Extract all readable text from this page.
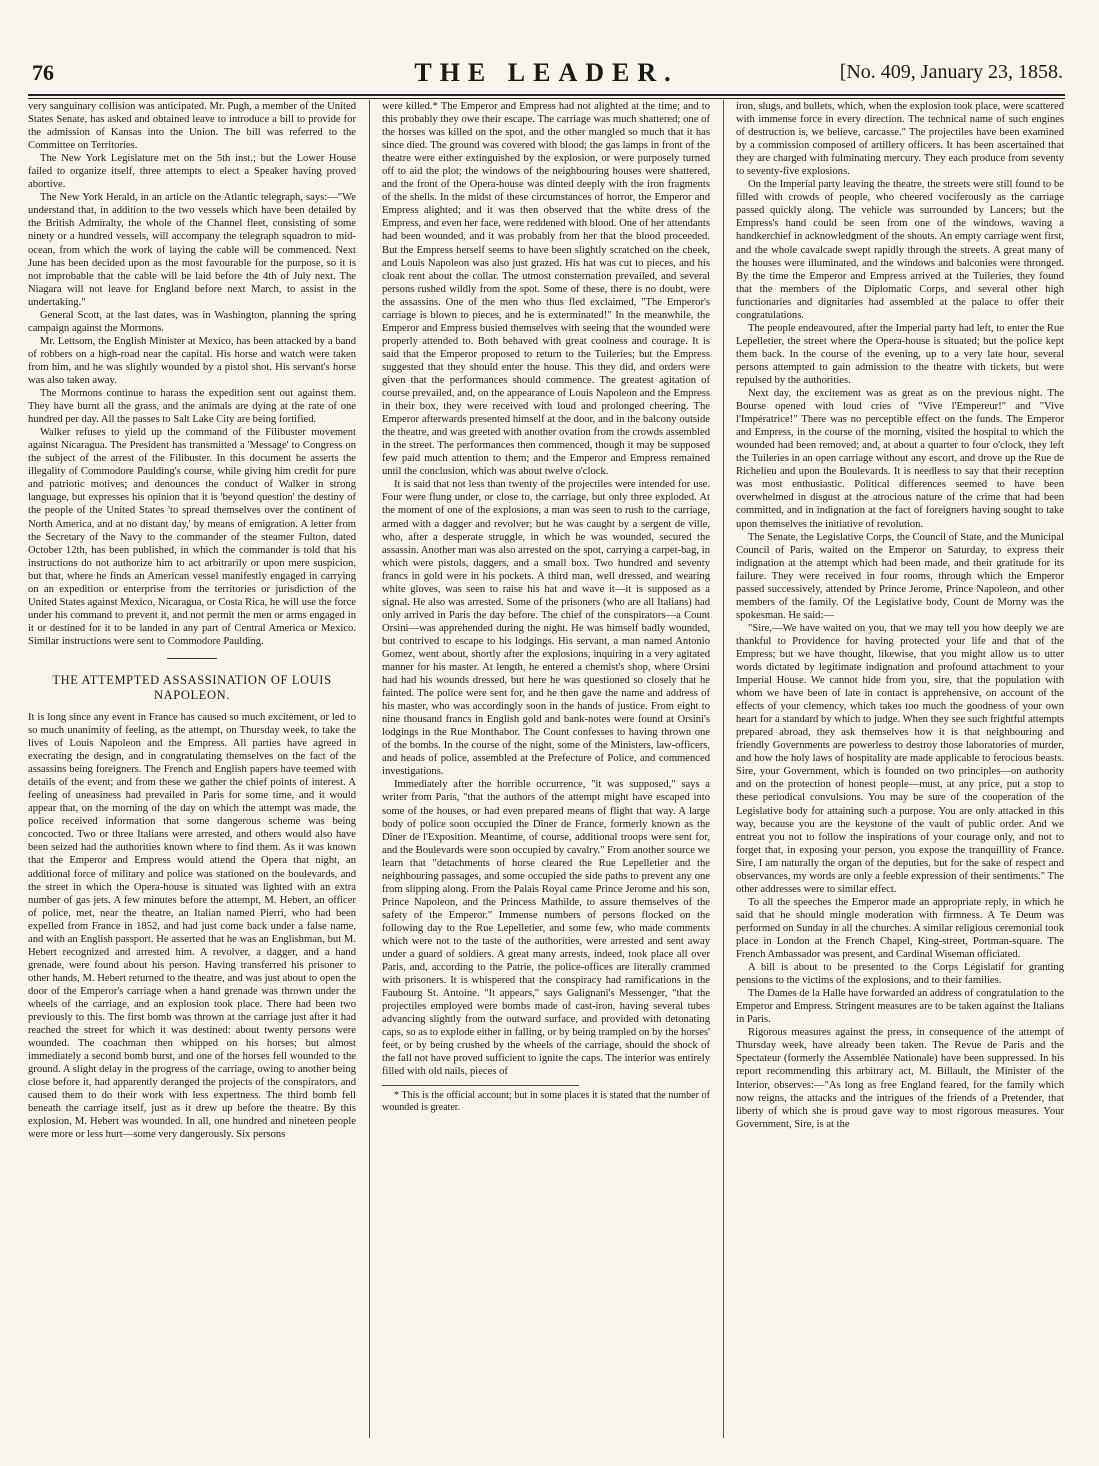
76	THE LEADER.	[No. 409, January 23, 1858.

very sanguinary collision was anticipated. Mr. Pugh, a member of the United States Senate, has asked and obtained leave to introduce a bill to provide for the admission of Kansas into the Union. The bill was referred to the Committee on Territories.

The New York Legislature met on the 5th inst.; but the Lower House failed to organize itself, three attempts to elect a Speaker having proved abortive.

The New York Herald, in an article on the Atlantic telegraph, says:—"We understand that, in addition to the two vessels which have been detailed by the British Admiralty, the whole of the Channel fleet, consisting of some ninety or a hundred vessels, will accompany the telegraph squadron to mid-ocean, from which the work of laying the cable will be commenced. Next June has been decided upon as the most favourable for the purpose, so it is not improbable that the cable will be laid before the 4th of July next. The Niagara will not leave for England before next March, to assist in the undertaking."

General Scott, at the last dates, was in Washington, planning the spring campaign against the Mormons.

Mr. Lettsom, the English Minister at Mexico, has been attacked by a band of robbers on a high-road near the capital. His horse and watch were taken from him, and he was slightly wounded by a pistol shot. His servant's horse was also taken away.

The Mormons continue to harass the expedition sent out against them. They have burnt all the grass, and the animals are dying at the rate of one hundred per day. All the passes to Salt Lake City are being fortified.

Walker refuses to yield up the command of the Filibuster movement against Nicaragua. The President has transmitted a 'Message' to Congress on the subject of the arrest of the Filibuster. In this document he asserts the illegality of Commodore Paulding's course, while giving him credit for pure and patriotic motives; and denounces the conduct of Walker in strong language, but expresses his opinion that it is 'beyond question' the destiny of the people of the United States 'to spread themselves over the continent of North America, and at no distant day,' by means of emigration. A letter from the Secretary of the Navy to the commander of the steamer Fulton, dated October 12th, has been published, in which the commander is told that his instructions do not authorize him to act arbitrarily or upon mere suspicion, but that, where he finds an American vessel manifestly engaged in carrying on an expedition or enterprise from the territories or jurisdiction of the United States against Mexico, Nicaragua, or Costa Rica, he will use the force under his command to prevent it, and not permit the men or arms engaged in it or destined for it to be landed in any part of Central America or Mexico. Similar instructions were sent to Commodore Paulding.

THE ATTEMPTED ASSASSINATION OF LOUIS NAPOLEON.

It is long since any event in France has caused so much excitement, or led to so much unanimity of feeling, as the attempt, on Thursday week, to take the lives of Louis Napoleon and the Empress. All parties have agreed in execrating the design, and in congratulating themselves on the fact of the assassins being foreigners. The French and English papers have teemed with details of the event; and from these we gather the chief points of interest. A feeling of uneasiness had prevailed in Paris for some time, and it would appear that, on the morning of the day on which the attempt was made, the police received information that some dangerous scheme was being concocted. Two or three Italians were arrested, and others would also have been seized had the authorities known where to find them. As it was known that the Emperor and Empress would attend the Opera that night, an additional force of military and police was stationed on the boulevards, and the street in which the Opera-house is situated was lighted with an extra number of gas jets. A few minutes before the attempt, M. Hebert, an officer of police, met, near the theatre, an Italian named Pierri, who had been expelled from France in 1852, and had just come back under a false name, and with an English passport. He asserted that he was an Englishman, but M. Hebert recognized and arrested him. A revolver, a dagger, and a hand grenade, were found about his person. Having transferred his prisoner to other hands, M. Hebert returned to the theatre, and was just about to open the door of the Emperor's carriage when a hand grenade was thrown under the wheels of the carriage, and an explosion took place. There had been two previously to this. The first bomb was thrown at the carriage just after it had reached the street for which it was destined: about twenty persons were wounded. The coachman then whipped on his horses; but almost immediately a second bomb burst, and one of the horses fell wounded to the ground. A slight delay in the progress of the carriage, owing to another being close before it, had apparently deranged the projects of the conspirators, and caused them to do their work with less expertness. The third bomb fell beneath the carriage itself, just as it drew up before the theatre. By this explosion, M. Hebert was wounded. In all, one hundred and nineteen people were more or less hurt—some very dangerously. Six persons

were killed.* The Emperor and Empress had not alighted at the time; and to this probably they owe their escape. The carriage was much shattered; one of the horses was killed on the spot, and the other mangled so much that it has since died. The ground was covered with blood; the gas lamps in front of the theatre were either extinguished by the explosion, or were purposely turned off to aid the plot; the windows of the neighbouring houses were shattered, and the front of the Opera-house was dinted deeply with the iron fragments of the shells. In the midst of these circumstances of horror, the Emperor and Empress alighted; and it was then observed that the white dress of the Empress, and even her face, were reddened with blood. One of her attendants had been wounded, and it was probably from her that the blood proceeded. But the Empress herself seems to have been slightly scratched on the cheek, and Louis Napoleon was also just grazed. His hat was cut to pieces, and his cloak rent about the collar. The utmost consternation prevailed, and several persons rushed wildly from the spot. Some of these, there is no doubt, were the assassins. One of the men who thus fled exclaimed, "The Emperor's carriage is blown to pieces, and he is exterminated!" In the meanwhile, the Emperor and Empress busied themselves with seeing that the wounded were properly attended to. Both behaved with great coolness and courage. It is said that the Emperor proposed to return to the Tuileries; but the Empress suggested that they should enter the house. This they did, and orders were given that the performances should commence. The greatest agitation of course prevailed, and, on the appearance of Louis Napoleon and the Empress in their box, they were received with loud and prolonged cheering. The Emperor afterwards presented himself at the door, and in the balcony outside the theatre, and was greeted with another ovation from the crowds assembled in the street. The performances then commenced, though it may be supposed few paid much attention to them; and the Emperor and Empress remained until the conclusion, which was about twelve o'clock.

It is said that not less than twenty of the projectiles were intended for use. Four were flung under, or close to, the carriage, but only three exploded. At the moment of one of the explosions, a man was seen to rush to the carriage, armed with a dagger and revolver; but he was caught by a sergent de ville, who, after a desperate struggle, in which he was wounded, secured the assassin. Another man was also arrested on the spot, carrying a carpet-bag, in which were pistols, daggers, and a small box. Two hundred and seventy francs in gold were in his pockets. A third man, well dressed, and wearing white gloves, was seen to raise his hat and wave it—it is supposed as a signal. He also was arrested. Some of the prisoners (who are all Italians) had only arrived in Paris the day before. The chief of the conspirators—a Count Orsini—was apprehended during the night. He was himself badly wounded, but contrived to escape to his lodgings. His servant, a man named Antonio Gomez, went about, shortly after the explosions, inquiring in a very agitated manner for his master. At length, he entered a chemist's shop, where Orsini had had his wounds dressed, but here he was questioned so closely that he fainted. The police were sent for, and he then gave the name and address of his master, who was accordingly soon in the hands of justice. From eight to nine thousand francs in English gold and bank-notes were found at Orsini's lodgings in the Rue Monthabor. The Count confesses to having thrown one of the bombs. In the course of the night, some of the Ministers, law-officers, and heads of police, assembled at the Prefecture of Police, and commenced investigations.

Immediately after the horrible occurrence, "it was supposed," says a writer from Paris, "that the authors of the attempt might have escaped into some of the houses, or had even prepared means of flight that way. A large body of police soon occupied the Dîner de France, formerly known as the Dîner de l'Exposition. Meantime, of course, additional troops were sent for, and the Boulevards were soon occupied by cavalry." From another source we learn that "detachments of horse cleared the Rue Lepelletier and the neighbouring passages, and some occupied the side paths to prevent any one from slipping along. From the Palais Royal came Prince Jerome and his son, Prince Napoleon, and the Princess Mathilde, to assure themselves of the safety of the Emperor." Immense numbers of persons flocked on the following day to the Rue Lepelletier, and some few, who made comments which were not to the taste of the authorities, were arrested and sent away under a guard of soldiers. A great many arrests, indeed, took place all over Paris, and, according to the Patrie, the police-offices are literally crammed with prisoners. It is whispered that the conspiracy had ramifications in the Faubourg St. Antoine. "It appears," says Galignani's Messenger, "that the projectiles employed were bombs made of cast-iron, having several tubes advancing slightly from the outward surface, and provided with detonating caps, so as to explode either in falling, or by being trampled on by the horses' feet, or by being crushed by the wheels of the carriage, should the shock of the fall not have proved sufficient to ignite the caps. The interior was entirely filled with old nails, pieces of

* This is the official account; but in some places it is stated that the number of wounded is greater.

iron, slugs, and bullets, which, when the explosion took place, were scattered with immense force in every direction. The technical name of such engines of destruction is, we believe, carcasse." The projectiles have been examined by a commission composed of artillery officers. It has been ascertained that they are charged with fulminating mercury. They each produce from seventy to seventy-five explosions.

On the Imperial party leaving the theatre, the streets were still found to be filled with crowds of people, who cheered vociferously as the carriage passed quickly along. The vehicle was surrounded by Lancers; but the Empress's hand could be seen from one of the windows, waving a handkerchief in acknowledgment of the shouts. An empty carriage went first, and the whole cavalcade swept rapidly through the streets. A great many of the houses were illuminated, and the windows and balconies were thronged. By the time the Emperor and Empress arrived at the Tuileries, they found that the members of the Diplomatic Corps, and several other high functionaries and dignitaries had assembled at the palace to offer their congratulations.

The people endeavoured, after the Imperial party had left, to enter the Rue Lepelletier, the street where the Opera-house is situated; but the police kept them back. In the course of the evening, up to a very late hour, several persons attempted to gain admission to the theatre with tickets, but were repulsed by the authorities.

Next day, the excitement was as great as on the previous night. The Bourse opened with loud cries of "Vive l'Empereur!" and "Vive l'Impératrice!" There was no perceptible effect on the funds. The Emperor and Empress, in the course of the morning, visited the hospital to which the wounded had been removed; and, at about a quarter to four o'clock, they left the Tuileries in an open carriage without any escort, and drove up the Rue de Richelieu and upon the Boulevards. It is needless to say that their reception was most enthusiastic. Political differences seemed to have been overwhelmed in disgust at the atrocious nature of the crime that had been committed, and in indignation at the fact of foreigners having sought to take upon themselves the initiative of revolution.

The Senate, the Legislative Corps, the Council of State, and the Municipal Council of Paris, waited on the Emperor on Saturday, to express their indignation at the attempt which had been made, and their gratitude for its failure. They were received in four rooms, through which the Emperor passed successively, attended by Prince Jerome, Prince Napoleon, and other members of the family. Of the Legislative body, Count de Morny was the spokesman. He said:—

"Sire,—We have waited on you, that we may tell you how deeply we are thankful to Providence for having protected your life and that of the Empress; but we have thought, likewise, that you might allow us to utter words dictated by legitimate indignation and profound attachment to your Imperial House. We cannot hide from you, sire, that the population with whom we have been of late in contact is apprehensive, on account of the effects of your clemency, which takes too much the goodness of your own heart for a standard by which to judge. When they see such frightful attempts prepared abroad, they ask themselves how it is that neighbouring and friendly Governments are powerless to destroy those laboratories of murder, and how the holy laws of hospitality are made applicable to ferocious beasts. Sire, your Government, which is founded on two principles—on authority and on the protection of honest people—must, at any price, put a stop to these periodical convulsions. You may be sure of the cooperation of the Legislative body for attaining such a purpose. You are only attacked in this way, because you are the keystone of the vault of public order. And we entreat you not to follow the inspirations of your courage only, and not to forget that, in exposing your person, you expose the tranquillity of France. Sire, I am naturally the organ of the deputies, but for the sake of respect and observances, my words are only a feeble expression of their sentiments." The other addresses were to similar effect.

To all the speeches the Emperor made an appropriate reply, in which he said that he should mingle moderation with firmness. A Te Deum was performed on Sunday in all the churches. A similar religious ceremonial took place in London at the French Chapel, King-street, Portman-square. The French Ambassador was present, and Cardinal Wiseman officiated.

A bill is about to be presented to the Corps Législatif for granting pensions to the victims of the explosions, and to their families.

The Dames de la Halle have forwarded an address of congratulation to the Emperor and Empress. Stringent measures are to be taken against the Italians in Paris.

Rigorous measures against the press, in consequence of the attempt of Thursday week, have already been taken. The Revue de Paris and the Spectateur (formerly the Assemblée Nationale) have been suppressed. In his report recommending this arbitrary act, M. Billault, the Minister of the Interior, observes:—"As long as free England feared, for the family which now reigns, the attacks and the intrigues of the friends of a Pretender, that liberty of which she is proud gave way to most rigorous measures. Your Government, Sire, is at the
